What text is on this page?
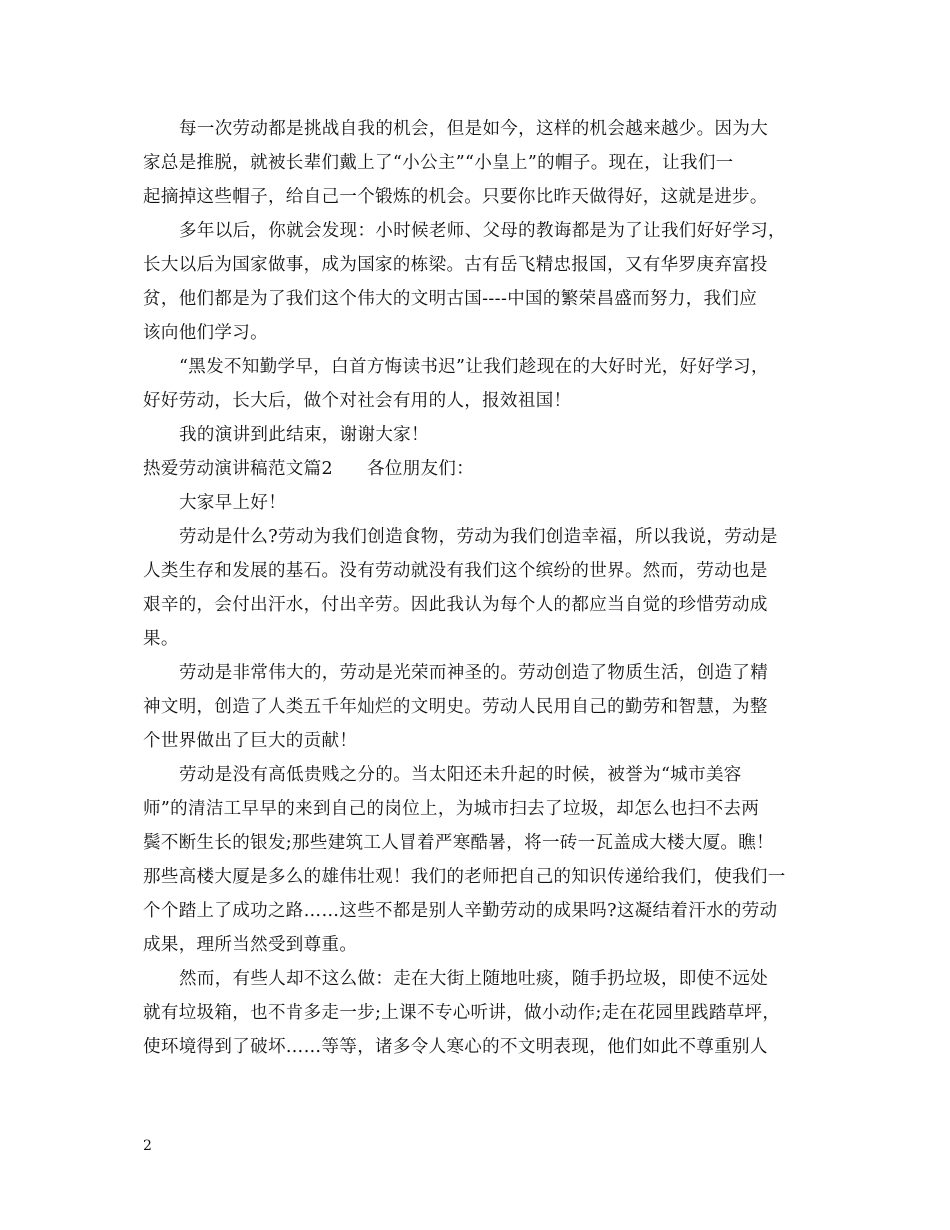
每一次劳动都是挑战自我的机会，但是如今，这样的机会越来越少。因为大
家总是推脱，就被长辈们戴上了“小公主”“小皇上”的帽子。现在，让我们一
起摘掉这些帽子，给自己一个锻炼的机会。只要你比昨天做得好，这就是进步。
多年以后，你就会发现：小时候老师、父母的教诲都是为了让我们好好学习，
长大以后为国家做事，成为国家的栋梁。古有岳飞精忠报国，又有华罗庚弃富投
贫，他们都是为了我们这个伟大的文明古国----中国的繁荣昌盛而努力，我们应
该向他们学习。
“黑发不知勤学早，白首方悔读书迟”让我们趁现在的大好时光，好好学习，
好好劳动，长大后，做个对社会有用的人，报效祖国！
我的演讲到此结束，谢谢大家！
热爱劳动演讲稿范文篇2 各位朋友们：
大家早上好！
劳动是什么?劳动为我们创造食物，劳动为我们创造幸福，所以我说，劳动是
人类生存和发展的基石。没有劳动就没有我们这个缤纷的世界。然而，劳动也是
艰辛的，会付出汗水，付出辛劳。因此我认为每个人的都应当自觉的珍惜劳动成
果。
劳动是非常伟大的，劳动是光荣而神圣的。劳动创造了物质生活，创造了精
神文明，创造了人类五千年灿烂的文明史。劳动人民用自己的勤劳和智慧，为整
个世界做出了巨大的贡献！
劳动是没有高低贵贱之分的。当太阳还未升起的时候，被誉为“城市美容
师”的清洁工早早的来到自己的岗位上，为城市扫去了垃圾，却怎么也扫不去两
鬓不断生长的银发;那些建筑工人冒着严寒酷暑，将一砖一瓦盖成大楼大厦。瞧！
那些高楼大厦是多么的雄伟壮观！我们的老师把自己的知识传递给我们，使我们一
个个踏上了成功之路……这些不都是别人辛勤劳动的成果吗?这凝结着汗水的劳动
成果，理所当然受到尊重。
然而，有些人却不这么做：走在大街上随地吐痰，随手扔垃圾，即使不远处
就有垃圾箱，也不肯多走一步;上课不专心听讲，做小动作;走在花园里践踏草坪，
使环境得到了破坏……等等，诸多令人寒心的不文明表现，他们如此不尊重别人
2
